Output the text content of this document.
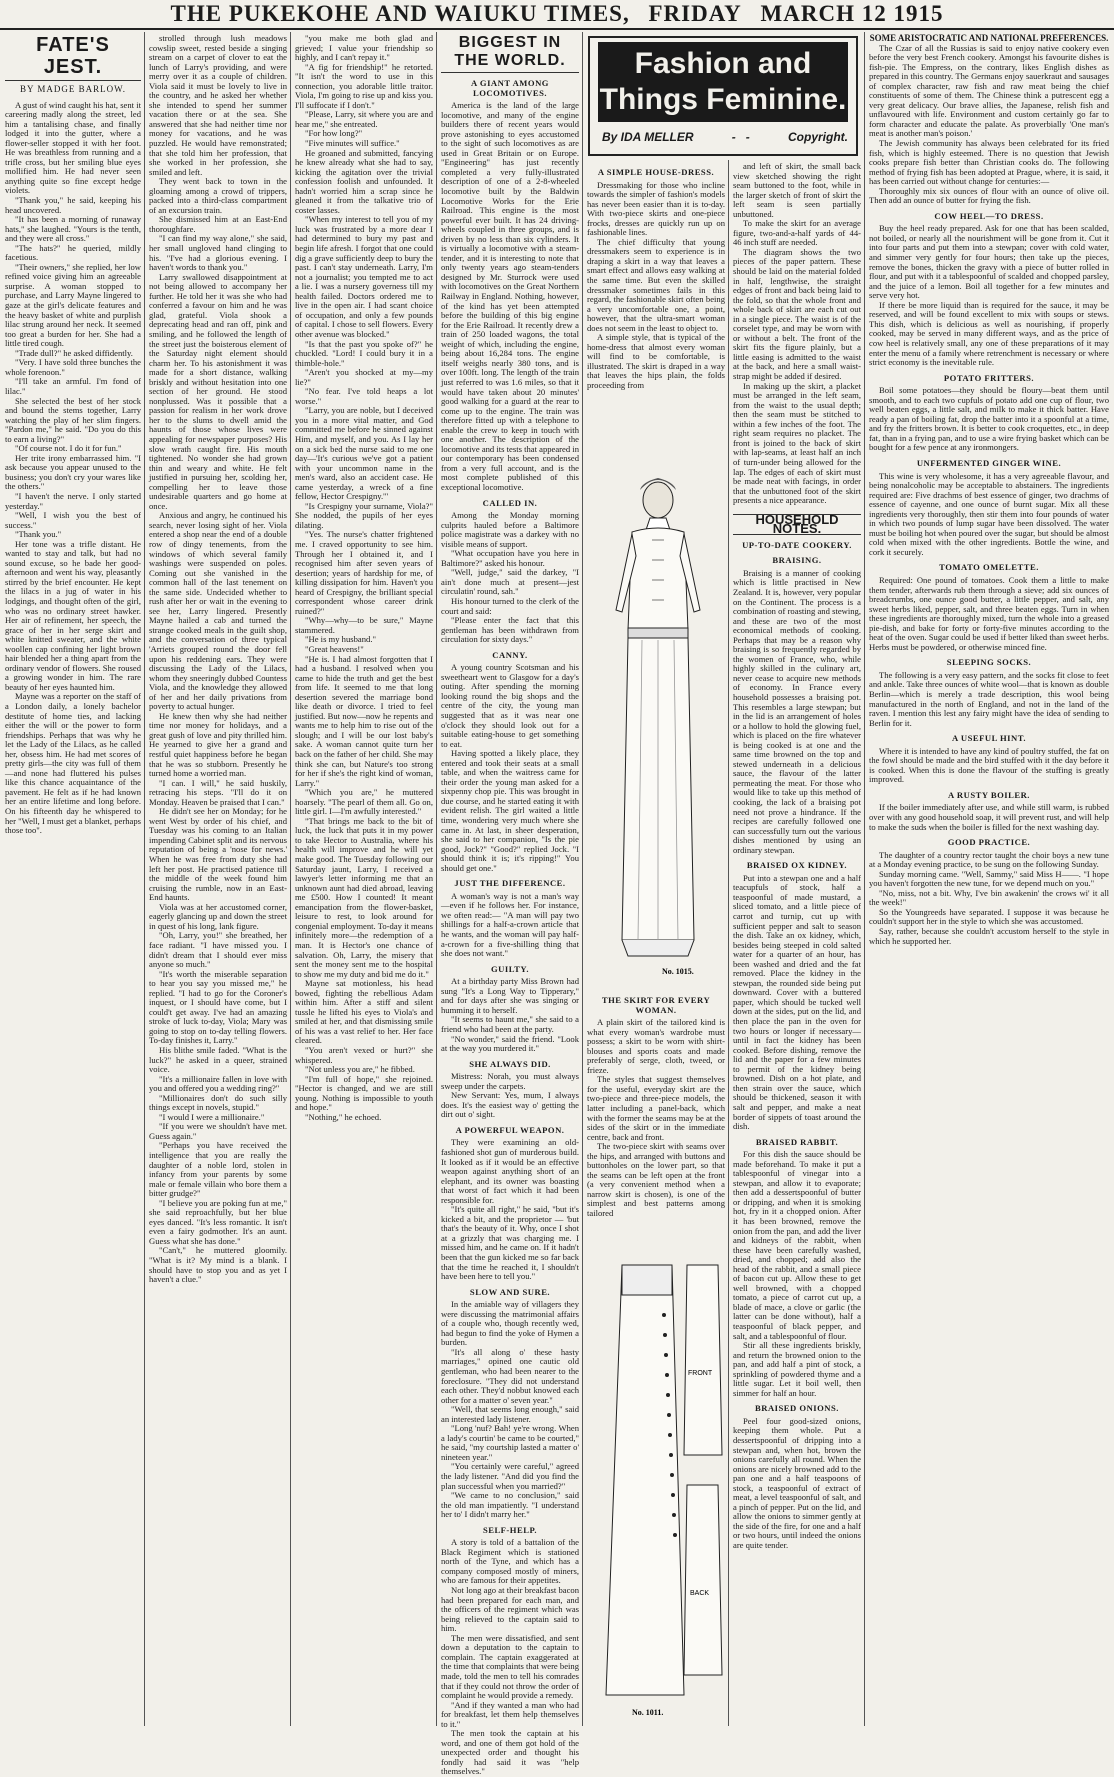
THE PUKEKOHE AND WAIUKU TIMES, FRIDAY MARCH 12 1915
FATE'S JEST.
BY MADGE BARLOW.

A gust of wind caught his hat, sent it careering madly along the street, led him a tantalising chase, and finally lodged it into the gutter, where a flower-seller stopped it with her foot. He was breathless from running and a trifle cross, but her smiling blue eyes mollified him. He had never seen anything quite so fine except hedge violets.

"Thank you," he said, keeping his head uncovered.

"It has been a morning of runaway hats," she laughed. "Yours is the tenth, and they were all cross."

"The hats?" he queried, mildly facetious.

"Their owners," she replied, her low refined voice giving him an agreeable surprise. A woman stopped to purchase, and Larry Mayne lingered to gaze at the girl's delicate features and the heavy basket of white and purplish lilac strung around her neck. It seemed too great a burden for her. She had a little tired cough.

"Trade dull?" he asked diffidently.

"Very. I have sold three bunches the whole forenoon."

"I'll take an armful. I'm fond of lilac."

She selected the best of her stock and bound the stems together, Larry watching the play of her slim fingers. "Pardon me," he said. "Do you do this to earn a living?"

"Of course not. I do it for fun."

Her trite irony embarrassed him. "I ask because you appear unused to the business; you don't cry your wares like the others."

"I haven't the nerve. I only started yesterday."

"Well, I wish you the best of success."

"Thank you."

Her tone was a trifle distant. He wanted to stay and talk, but had no sound excuse, so he bade her good-afternoon and went his way, pleasantly stirred by the brief encounter. He kept the lilacs in a jug of water in his lodgings, and thought often of the girl, who was no ordinary street hawker. Her air of refinement, her speech, the grace of her in her serge skirt and white knitted sweater, and the white woollen cap confining her light brown hair blended her a thing apart from the ordinary vendor of flowers. She roused a growing wonder in him. The rare beauty of her eyes haunted him.

Mayne was a reporter on the staff of a London daily, a lonely bachelor destitute of home ties, and lacking either the will or the power to form friendships. Perhaps that was why he let the Lady of the Lilacs, as he called her, obsess him. He had met scores of pretty girls—the city was full of them—and none had fluttered his pulses like this chance acquaintance of the pavement. He felt as if he had known her an entire lifetime and long before. On his fifteenth day he whispered to her "Well, I must get a blanket, perhaps those too".

strolled through lush meadows cowslip sweet, rested beside a singing stream on a carpet of clover to eat the lunch of Larry's providing, and were merry over it as a couple of children. Viola said it must be lovely to live in the country, and he asked her whether she intended to spend her summer vacation there or at the sea. She answered that she had neither time nor money for vacations, and he was puzzled. He would have remonstrated; that she told him her profession, that she worked in her profession, she smiled and left.

They went back to town in the gloaming among a crowd of trippers, packed into a third-class compartment of an excursion train.

She dismissed him at an East-End thoroughfare.

"I can find my way alone," she said, her small ungloved hand clinging to his. "I've had a glorious evening. I haven't words to thank you."

Larry swallowed disappointment at not being allowed to accompany her further. He told her it was she who had conferred a favour on him and he was glad, grateful. Viola shook a deprecating head and ran off, pink and smiling, and he followed the length of the street just the boisterous element of the Saturday night element should charm her. To his astonishment it was made for a short distance, walking briskly and without hesitation into one section of her ground. He stood nonplussed. Was it possible that a passion for realism in her work drove her to the slums to dwell amid the haunts of those whose lives were appealing for newspaper purposes? His slow wrath caught fire. His mouth tightened. No wonder she had grown thin and weary and white. He felt justified in pursuing her, scolding her, compelling her to leave those undesirable quarters and go home at once.

Anxious and angry, he continued his search, never losing sight of her. Viola entered a shop near the end of a double row of dingy tenements, from the windows of which several family washings were suspended on poles. Coming out she vanished in the common hall of the last tenement on the same side. Undecided whether to rush after her or wait in the evening to see her, Larry lingered. Presently Mayne hailed a cab and turned the strange cooked meals in the guilt shop, and the conversation of three typical 'Arriets grouped round the door fell upon his reddening ears. They were discussing the Lady of the Lilacs, whom they sneeringly dubbed Countess Viola, and the knowledge they allowed of her and her daily privations from poverty to actual hunger.

He knew then why she had neither time nor money for holidays, and a great gush of love and pity thrilled him. He yearned to give her a grand and restful quiet happiness before he began that he was so stubborn. Presently he turned home a worried man.

"I can. I will," he said huskily, retracing his steps. "I'll do it on Monday. Heaven be praised that I can."

He didn't see her on Monday; for he went West by order of his chief, and Tuesday was his coming to an Italian impending Cabinet split and its nervous reputation of being a 'nose for news.' When he was free from duty she had left her post. He practised patience till the middle of the week found him cruising the rumble, now in an East-End haunts.

Viola was at her accustomed corner, eagerly glancing up and down the street in quest of his long, lank figure.

"Oh, Larry, you!" she breathed, her face radiant. "I have missed you. I didn't dream that I should ever miss anyone so much."

"It's worth the miserable separation to hear you say you missed me," he replied. "I had to go for the Coroner's inquest, or I should have come, but I could't get away. I've had an amazing stroke of luck to-day, Viola; Mary was going to stop on to-day telling flowers. To-day finishes it, Larry."

His blithe smile faded. "What is the luck?" he asked in a queer, strained voice.

"It's a millionaire fallen in love with you and offered you a wedding ring?"

"Millionaires don't do such silly things except in novels, stupid."

"I would I were a millionaire."

"If you were we shouldn't have met. Guess again."

"Perhaps you have received the intelligence that you are really the daughter of a noble lord, stolen in infancy from your parents by some male or female villain who bore them a bitter grudge?"

"I believe you are poking fun at me," she said reproachfully, but her blue eyes danced. "It's less romantic. It isn't even a fairy godmother. It's an aunt. Guess what she has done."

"Can't," he muttered gloomily. "What is it? My mind is a blank. I should have to stop you and as yet I haven't a clue."

"you make me both glad and grieved; I value your friendship so highly, and I can't repay it."

"A fig for friendship!" he retorted. "It isn't the word to use in this connection, you adorable little traitor. Viola, I'm going to rise up and kiss you. I'll suffocate if I don't."

"Please, Larry, sit where you are and hear me," she entreated.

"For how long?"

"Five minutes will suffice."

He groaned and submitted, fancying he knew already what she had to say, kicking the agitation over the trivial confession foolish and unfounded. It hadn't worried him a scrap since he gleaned it from the talkative trio of coster lasses.

"When my interest to tell you of my luck was frustrated by a more dear I had determined to bury my past and begin life afresh. I forgot that one could dig a grave sufficiently deep to bury the past. I can't stay underneath. Larry, I'm not a journalist; you tempted me to act a lie. I was a nursery governess till my health failed. Doctors ordered me to live in the open air. I had scant choice of occupation, and only a few pounds of capital. I chose to sell flowers. Every other avenue was blocked."

"Is that the past you spoke of?" he chuckled. "Lord! I could bury it in a thimble-hole."

"Aren't you shocked at my—my lie?"

"No fear. I've told heaps a lot worse."

"Larry, you are noble, but I deceived you in a more vital matter, and God committed me before he sinned against Him, and myself, and you. As I lay her on a sick bed the nurse said to me one day—'It's curious we've got a patient with your uncommon name in the men's ward, also an accident case. He came yesterday, a wreck of a fine fellow, Hector Crespigny.'"

"Is Crespigny your surname, Viola?" She nodded, the pupils of her eyes dilating.

"Yes. The nurse's chatter frightened me. I craved opportunity to see him. Through her I obtained it, and I recognised him after seven years of desertion; years of hardship for me, of killing dissipation for him. Haven't you heard of Crespigny, the brilliant special correspondent whose career drink ruined?"

"Why—why—to be sure," Mayne stammered.

"He is my husband."

"Great heavens!"

"He is. I had almost forgotten that I had a husband. I resolved when you came to hide the truth and get the best from life. It seemed to me that long desertion severed the marriage bond like death or divorce. I tried to feel justified. But now—now he repents and wants me to help him to rise out of the slough; and I will be our lost baby's sake. A woman cannot quite turn her back on the father of her child. She may think she can, but Nature's too strong for her if she's the right kind of woman, Larry."

"Which you are," he muttered hoarsely. "The pearl of them all. Go on, little girl. I—I'm awfully interested."

"That brings me back to the bit of luck, the luck that puts it in my power to take Hector to Australia, where his health will improve and he will yet make good. The Tuesday following our Saturday jaunt, Larry, I received a lawyer's letter informing me that an unknown aunt had died abroad, leaving me £500. How I counted! It meant emancipation from the flower-basket, leisure to rest, to look around for congenial employment. To-day it means infinitely more—the redemption of a man. It is Hector's one chance of salvation. Oh, Larry, the misery that sent the money sent me to the hospital to show me my duty and bid me do it."

Mayne sat motionless, his head bowed, fighting the rebellious Adam within him. After a stiff and silent tussle he lifted his eyes to Viola's and smiled at her, and that dismissing smile of his was a vast relief to her. Her face cleared.

"You aren't vexed or hurt?" she whispered.

"Not unless you are," he fibbed.

"I'm full of hope," she rejoined. "Hector is changed, and we are still young. Nothing is impossible to youth and hope."

"Nothing," he echoed.

BIGGEST IN THE WORLD.
A GIANT AMONG LOCOMOTIVES.

America is the land of the large locomotive, and many of the engine builders there of recent years would prove astonishing to eyes accustomed to the sight of such locomotives as are used in Great Britain or on Europe. "Engineering" has just recently completed a very fully-illustrated description of one of a 2-8-wheeled locomotive built by the Baldwin Locomotive Works for the Erie Railroad. This engine is the most powerful ever built. It has 24 driving-wheels coupled in three groups, and is driven by no less than six cylinders. It is virtually a locomotive with a steam-tender, and it is interesting to note that only twenty years ago steam-tenders designed by Mr. Sturrock were used with locomotives on the Great Northern Railway in England. Nothing, however, of the kind has yet been attempted before the building of this big engine for the Erie Railroad. It recently drew a train of 250 loaded wagons, the total weight of which, including the engine, being about 16,284 tons. The engine itself weighs nearly 380 tons, and is over 100ft. long. The length of the train just referred to was 1.6 miles, so that it would have taken about 20 minutes' good walking for a guard at the rear to come up to the engine. The train was therefore fitted up with a telephone to enable the crew to keep in touch with one another. The description of the locomotive and its tests that appeared in our contemporary has been condensed from a very full account, and is the most complete published of this exceptional locomotive.

CALLED IN.

Among the Monday morning culprits hauled before a Baltimore police magistrate was a darkey with no visible means of support.

"What occupation have you here in Baltimore?" asked his honour.

"Well, judge," said the darkey, "I ain't done much at present—jest circulatin' round, sah."

His honour turned to the clerk of the court and said:

"Please enter the fact that this gentleman has been withdrawn from circulation for sixty days."

CANNY.

A young country Scotsman and his sweetheart went to Glasgow for a day's outing. After spending the morning looking round the big shops and the centre of the city, the young man suggested that as it was near one o'clock they should look out for a suitable eating-house to get something to eat.

Having spotted a likely place, they entered and took their seats at a small table, and when the waitress came for their order the young man asked for a sixpenny chop pie. This was brought in due course, and he started eating it with evident relish. The girl waited a little time, wondering very much where she came in. At last, in sheer desperation, she said to her companion, "Is the pie good, Jock?" "Good?" replied Jock. "I should think it is; it's ripping!" You should get one."

JUST THE DIFFERENCE.

A woman's way is not a man's way —even if he follows her. For instance, we often read:— "A man will pay two shillings for a half-a-crown article that he wants, and the woman will pay half-a-crown for a five-shilling thing that she does not want."

GUILTY.

At a birthday party Miss Brown had sung "It's a Long Way to Tipperary," and for days after she was singing or humming it to herself.

"It seems to haunt me," she said to a friend who had been at the party.

"No wonder," said the friend. "Look at the way you murdered it."

SHE ALWAYS DID.

Mistress: Norah, you must always sweep under the carpets.

New Servant: Yes, mum, I always does. It's the easiest way o' getting the dirt out o' sight.

A POWERFUL WEAPON.

They were examining an old-fashioned shot gun of murderous build. It looked as if it would be an effective weapon against anything short of an elephant, and its owner was boasting that worst of fact which it had been responsible for.

"It's quite all right," he said, "but it's kicked a bit, and the proprietor — 'but that's the beauty of it. Why, once I shot at a grizzly that was charging me. I missed him, and he came on. If it hadn't been that the gun kicked me so far back that the time he reached it, I shouldn't have been here to tell you."

SLOW AND SURE.

In the amiable way of villagers they were discussing the matrimonial affairs of a couple who, though recently wed, had begun to find the yoke of Hymen a burden.

"It's all along o' these hasty marriages," opined one cautic old gentleman, who had been nearer to the foreclosure. "They did not understand each other. They'd nobbut knowed each other for a matter o' seven year."

"Well, that seems long enough," said an interested lady listener.

"Long 'nuf? Bah! ye're wrong. When a lady's courtin' be came to be courted," he said, "my courtship lasted a matter o' nineteen year."

"You certainly were careful," agreed the lady listener. "And did you find the plan successful when you married?"

"We came to no conclusion," said the old man impatiently. "I understand her to' I didn't marry her."

SELF-HELP.

A story is told of a battalion of the Black Regiment which is stationed north of the Tyne, and which has a company composed mostly of miners, who are famous for their appetites.

Not long ago at their breakfast bacon had been prepared for each man, and the officers of the regiment which was being relieved to the captain said to him.

The men were dissatisfied, and sent down a deputation to the captain to complain. The captain exaggerated at the time that complaints that were being made, told the men to tell his comrades that if they could not throw the order of complaint he would provide a remedy.

"And if they wanted a man who had for breakfast, let them help themselves to it."

The men took the captain at his word, and one of them got hold of the unexpected order and thought his fondly had said it was "help themselves."

Fashion and Things Feminine.
By IDA MELLER	-   -	Copyright.
A SIMPLE HOUSE-DRESS.

Dressmaking for those who incline towards the simpler of fashion's models has never been easier than it is to-day. With two-piece skirts and one-piece frocks, dresses are quickly run up on fashionable lines.

The chief difficulty that young dressmakers seem to experience is in draping a skirt in a way that leaves a smart effect and allows easy walking at the same time. But even the skilled dressmaker sometimes fails in this regard, the fashionable skirt often being a very uncomfortable one, a point, however, that the ultra-smart woman does not seem in the least to object to.

A simple style, that is typical of the home-dress that almost every woman will find to be comfortable, is illustrated. The skirt is draped in a way that leaves the hips plain, the folds proceeding from

No. 1015.
THE SKIRT FOR EVERY WOMAN.

A plain skirt of the tailored kind is what every woman's wardrobe must possess; a skirt to be worn with shirt-blouses and sports coats and made preferably of serge, cloth, tweed, or frieze.

The styles that suggest themselves for the useful, everyday skirt are the two-piece and three-piece models, the latter including a panel-back, which with the former the seams may be at the sides of the skirt or in the immediate centre, back and front.

The two-piece skirt with seams over the hips, and arranged with buttons and buttonholes on the lower part, so that the seams can be left open at the front (a very convenient method when a narrow skirt is chosen), is one of the simplest and best patterns among tailored

FRONT
BACK
No. 1011.

and left of skirt, the small back view sketched showing the right seam buttoned to the foot, while in the larger sketch of front of skirt the left seam is seen partially unbuttoned.

To make the skirt for an average figure, two-and-a-half yards of 44-46 inch stuff are needed.

The diagram shows the two pieces of the paper pattern. These should be laid on the material folded in half, lengthwise, the straight edges of front and back being laid to the fold, so that the whole front and whole back of skirt are each cut out in a single piece. The waist is of the corselet type, and may be worn with or without a belt. The front of the skirt fits the figure plainly, but a little easing is admitted to the waist at the back, and here a small waist-strap might be added if desired.

In making up the skirt, a placket must be arranged in the left seam, from the waist to the usual depth; then the seam must be stitched to within a few inches of the foot. The right seam requires no placket. The front is joined to the back of skirt with lap-seams, at least half an inch of turn-under being allowed for the lap. The edges of each of skirt must be made neat with facings, in order that the unbuttoned foot of the skirt presents a nice appearance.

HOUSEHOLD NOTES.
UP-TO-DATE COOKERY.
BRAISING.

Braising is a manner of cooking which is little practised in New Zealand. It is, however, very popular on the Continent. The process is a combination of roasting and stewing, and these are two of the most economical methods of cooking. Perhaps that may be a reason why braising is so frequently regarded by the women of France, who, while highly skilled in the culinary art, never cease to acquire new methods of economy. In France every household possesses a braising pot. This resembles a large stewpan; but in the lid is an arrangement of holes or a hollow to hold the glowing fuel, which is placed on the fire whatever is being cooked is at one and the same time browned on the top and stewed underneath in a delicious sauce, the flavour of the latter permeating the meat. For those who would like to take up this method of cooking, the lack of a braising pot need not prove a hindrance. If the recipes are carefully followed one can successfully turn out the various dishes mentioned by using an ordinary stewpan.

BRAISED OX KIDNEY.

Put into a stewpan one and a half teacupfuls of stock, half a teaspoonful of made mustard, a sliced tomato, and a little piece of carrot and turnip, cut up with sufficient pepper and salt to season the dish. Take an ox kidney, which, besides being steeped in cold salted water for a quarter of an hour, has been washed and dried and the fat removed. Place the kidney in the stewpan, the rounded side being put downward. Cover with a buttered paper, which should be tucked well down at the sides, put on the lid, and then place the pan in the oven for two hours or longer if necessary—until in fact the kidney has been cooked. Before dishing, remove the lid and the paper for a few minutes to permit of the kidney being browned. Dish on a hot plate, and then strain over the sauce, which should be thickened, season it with salt and pepper, and make a neat border of sippets of toast around the dish.

BRAISED RABBIT.

For this dish the sauce should be made beforehand. To make it put a tablespoonful of vinegar into a stewpan, and allow it to evaporate; then add a dessertspoonful of butter or dripping, and when it is smoking hot, fry in it a chopped onion. After it has been browned, remove the onion from the pan, and add the liver and kidneys of the rabbit, when these have been carefully washed, dried, and chopped; add also the head of the rabbit, and a small piece of bacon cut up. Allow these to get well browned, with a chopped tomato, a piece of carrot cut up, a blade of mace, a clove or garlic (the latter can be done without), half a teaspoonful of black pepper, and salt, and a tablespoonful of flour.

Stir all these ingredients briskly, and return the browned onion to the pan, and add half a pint of stock, a sprinkling of powdered thyme and a little sugar. Let it boil well, then simmer for half an hour.

BRAISED ONIONS.

Peel four good-sized onions, keeping them whole. Put a dessertspoonful of dripping into a stewpan and, when hot, brown the onions carefully all round. When the onions are nicely browned add to the pan one and a half teaspoons of stock, a teaspoonful of extract of meat, a level teaspoonful of salt, and a pinch of pepper. Put on the lid, and allow the onions to simmer gently at the side of the fire, for one and a half or two hours, until indeed the onions are quite tender.

SOME ARISTOCRATIC AND NATIONAL PREFERENCES.

The Czar of all the Russias is said to enjoy native cookery even before the very best French cookery. Amongst his favourite dishes is fish-pie. The Empress, on the contrary, likes English dishes as prepared in this country. The Germans enjoy sauerkraut and sausages of complex character, raw fish and raw meat being the chief constituents of some of them. The Chinese think a putrescent egg a very great delicacy. Our brave allies, the Japanese, relish fish and unflavoured with life. Environment and custom certainly go far to form character and educate the palate. As proverbially 'One man's meat is another man's poison.'

The Jewish community has always been celebrated for its fried fish, which is highly esteemed. There is no question that Jewish cooks prepare fish better than Christian cooks do. The following method of frying fish has been adopted at Prague, where, it is said, it has been carried out without change for centuries:—

Thoroughly mix six ounces of flour with an ounce of olive oil. Then add an ounce of butter for frying the fish.

COW HEEL—TO DRESS.

Buy the heel ready prepared. Ask for one that has been scalded, not boiled, or nearly all the nourishment will be gone from it. Cut it into four parts and put them into a stewpan; cover with cold water, and simmer very gently for four hours; then take up the pieces, remove the bones, thicken the gravy with a piece of butter rolled in flour, and put with it a tablespoonful of scalded and chopped parsley, and the juice of a lemon. Boil all together for a few minutes and serve very hot.

If there be more liquid than is required for the sauce, it may be reserved, and will be found excellent to mix with soups or stews. This dish, which is delicious as well as nourishing, if properly cooked, may be served in many different ways, and as the price of cow heel is relatively small, any one of these preparations of it may enter the menu of a family where retrenchment is necessary or where strict economy is the inevitable rule.

POTATO FRITTERS.

Boil some potatoes—they should be floury—beat them until smooth, and to each two cupfuls of potato add one cup of flour, two well beaten eggs, a little salt, and milk to make it thick batter. Have ready a pan of boiling fat, drop the batter into it a spoonful at a time, and fry the fritters brown. It is better to cook croquettes, etc., in deep fat, than in a frying pan, and to use a wire frying basket which can be bought for a few pence at any ironmongers.

UNFERMENTED GINGER WINE.

This wine is very wholesome, it has a very agreeable flavour, and being nonalcoholic may be acceptable to abstainers. The ingredients required are: Five drachms of best essence of ginger, two drachms of essence of cayenne, and one ounce of burnt sugar. Mix all these ingredients very thoroughly, then stir them into four pounds of water in which two pounds of lump sugar have been dissolved. The water must be boiling hot when poured over the sugar, but should be almost cold when mixed with the other ingredients. Bottle the wine, and cork it securely.

TOMATO OMELETTE.

Required: One pound of tomatoes. Cook them a little to make them tender, afterwards rub them through a sieve; add six ounces of breadcrumbs, one ounce good butter, a little pepper, and salt, any sweet herbs liked, pepper, salt, and three beaten eggs. Turn in when these ingredients are thoroughly mixed, turn the whole into a greased pie-dish, and bake for forty or forty-five minutes according to the heat of the oven. Sugar could be used if better liked than sweet herbs. Herbs must be powdered, or otherwise minced fine.

SLEEPING SOCKS.

The following is a very easy pattern, and the socks fit close to feet and ankle. Take three ounces of white wool—that is known as double Berlin—which is merely a trade description, this wool being manufactured in the north of England, and not in the land of the raven. I mention this lest any fairy might have the idea of sending to Berlin for it.

A USEFUL HINT.

Where it is intended to have any kind of poultry stuffed, the fat on the fowl should be made and the bird stuffed with it the day before it is cooked. When this is done the flavour of the stuffing is greatly improved.

A RUSTY BOILER.

If the boiler immediately after use, and while still warm, is rubbed over with any good household soap, it will prevent rust, and will help to make the suds when the boiler is filled for the next washing day.

GOOD PRACTICE.

The daughter of a country rector taught the choir boys a new tune at a Monday evening practice, to be sung on the following Sunday.

Sunday morning came. "Well, Sammy," said Miss H——. "I hope you haven't forgotten the new tune, for we depend much on you."

"No, miss, not a bit. Why, I've bin awakenin' the crows wi' it all the week!"

So the Youngreeds have separated. I suppose it was because he couldn't support her in the style to which she was accustomed.

Say, rather, because she couldn't accustom herself to the style in which he supported her.
